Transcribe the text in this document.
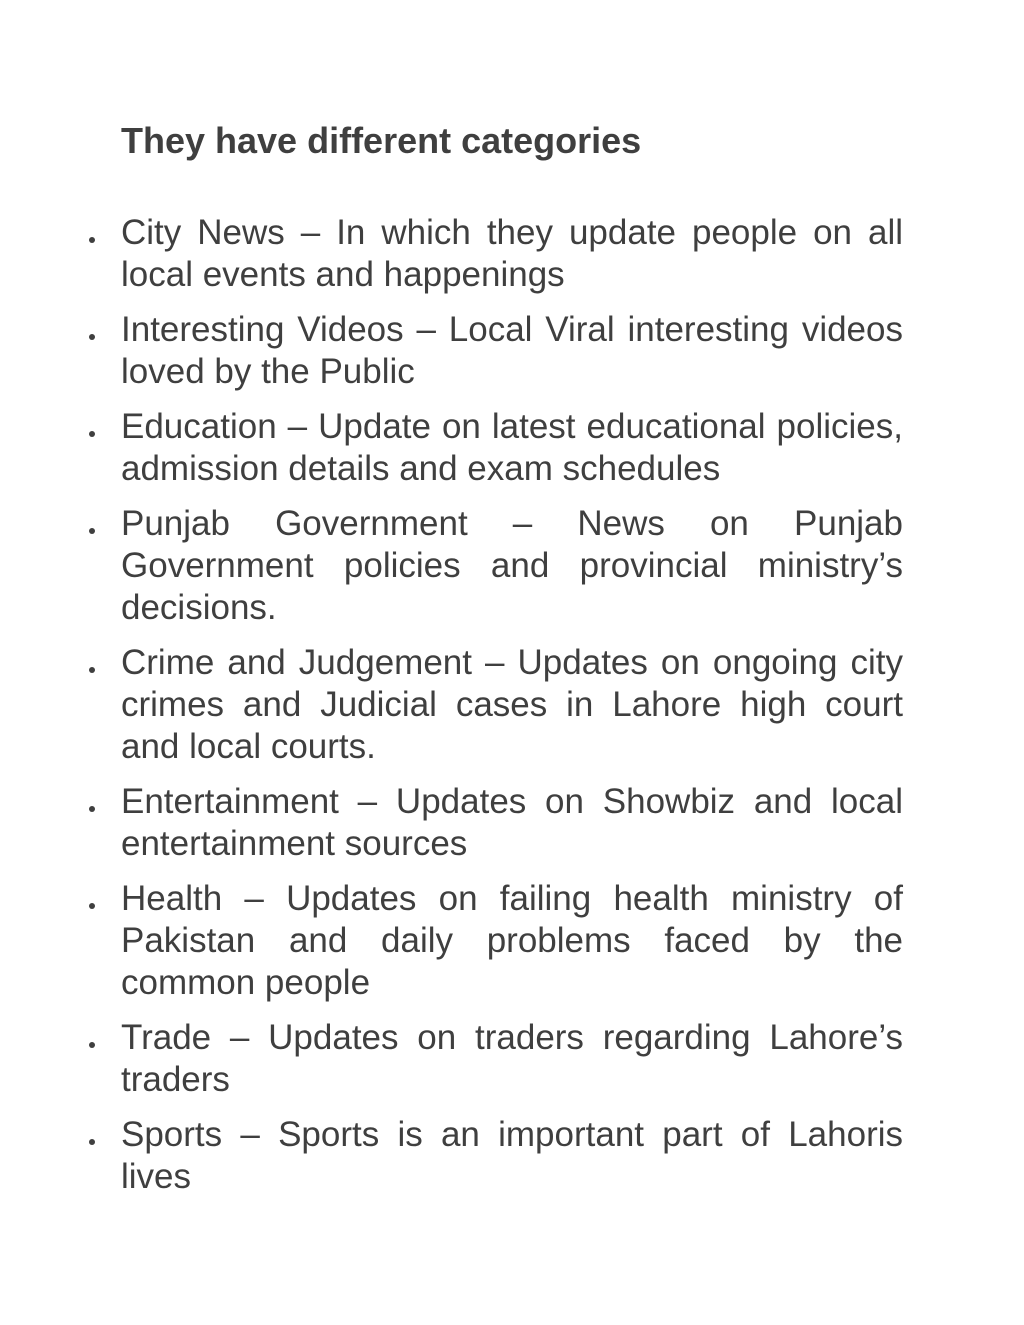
They have different categories
City News – In which they update people on all local events and happenings
Interesting Videos – Local Viral interesting videos loved by the Public
Education – Update on latest educational policies, admission details and exam schedules
Punjab Government – News on Punjab Government policies and provincial ministry’s decisions.
Crime and Judgement – Updates on ongoing city crimes and Judicial cases in Lahore high court and local courts.
Entertainment – Updates on Showbiz and local entertainment sources
Health – Updates on failing health ministry of Pakistan and daily problems faced by the common people
Trade – Updates on traders regarding Lahore’s traders
Sports – Sports is an important part of Lahoris lives
